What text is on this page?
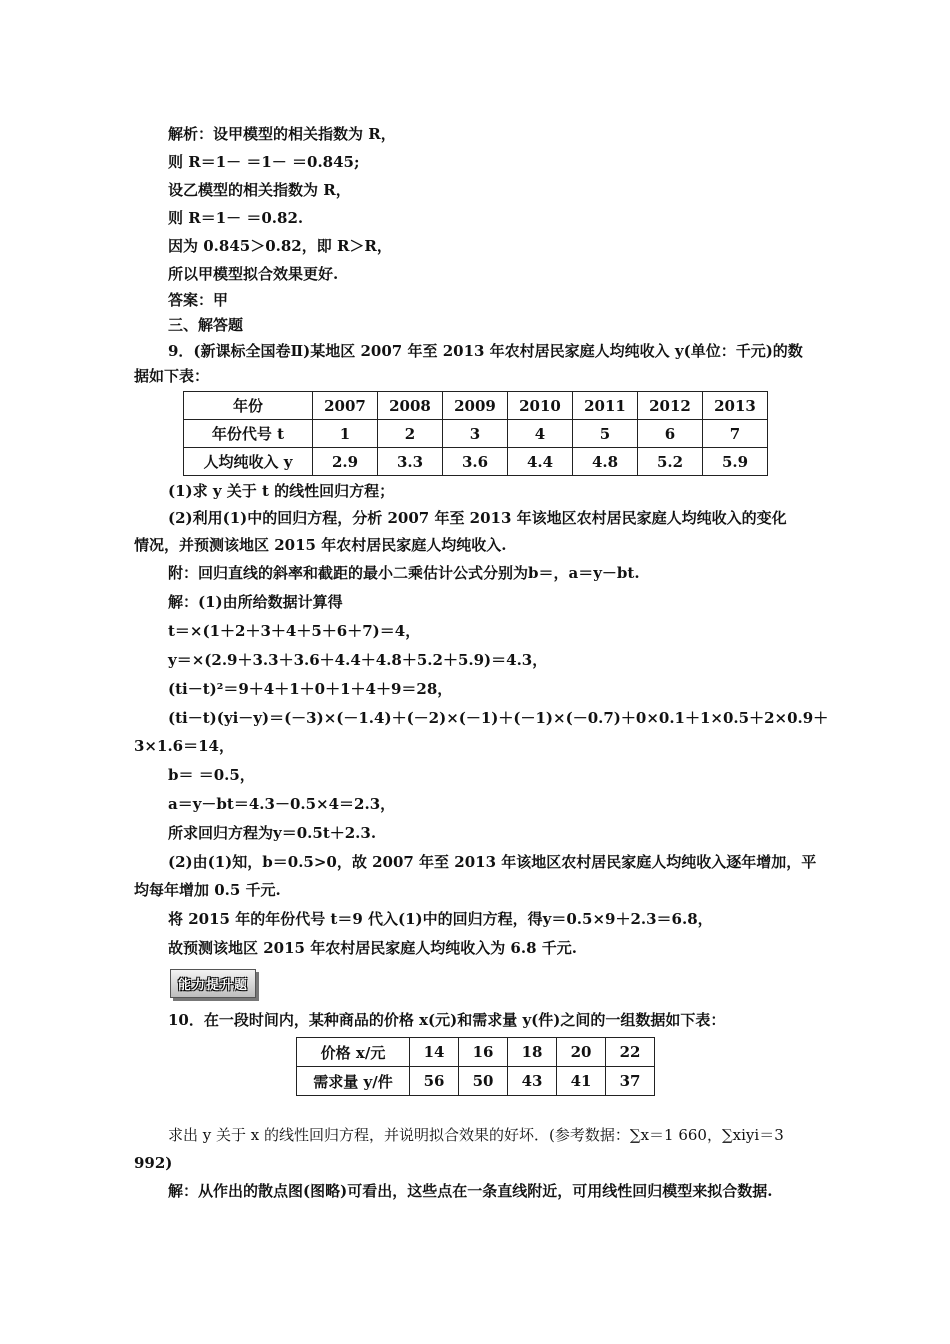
解析：设甲模型的相关指数为 R，
则 R＝1－ ＝1－ ＝0.845;
设乙模型的相关指数为 R，
则 R＝1－ ＝0.82.
因为 0.845＞0.82，即 R＞R，
所以甲模型拟合效果更好.
答案：甲
三、解答题
9．(新课标全国卷Ⅱ)某地区 2007 年至 2013 年农村居民家庭人均纯收入 y(单位：千元)的数
据如下表：
年份	2007	2008	2009	2010	2011	2012	2013
年份代号 t	1	2	3	4	5	6	7
人均纯收入 y	2.9	3.3	3.6	4.4	4.8	5.2	5.9
(1)求 y 关于 t 的线性回归方程；
(2)利用(1)中的回归方程，分析 2007 年至 2013 年该地区农村居民家庭人均纯收入的变化
情况，并预测该地区 2015 年农村居民家庭人均纯收入.
附：回归直线的斜率和截距的最小二乘估计公式分别为b＝，a＝y－bt.
解：(1)由所给数据计算得
t＝×(1＋2＋3＋4＋5＋6＋7)＝4，
y＝×(2.9＋3.3＋3.6＋4.4＋4.8＋5.2＋5.9)＝4.3，
(ti－t)²＝9＋4＋1＋0＋1＋4＋9＝28，
(ti－t)(yi－y)＝(－3)×(－1.4)＋(－2)×(－1)＋(－1)×(－0.7)＋0×0.1＋1×0.5＋2×0.9＋
3×1.6＝14，
b＝ ＝0.5，
a＝y－bt＝4.3－0.5×4＝2.3，
所求回归方程为y＝0.5t＋2.3.
(2)由(1)知，b＝0.5>0，故 2007 年至 2013 年该地区农村居民家庭人均纯收入逐年增加，平
均每年增加 0.5 千元.
将 2015 年的年份代号 t＝9 代入(1)中的回归方程，得y＝0.5×9＋2.3＝6.8，
故预测该地区 2015 年农村居民家庭人均纯收入为 6.8 千元.
能力提升题
10．在一段时间内，某种商品的价格 x(元)和需求量 y(件)之间的一组数据如下表：
价格 x/元	14	16	18	20	22
需求量 y/件	56	50	43	41	37
求出 y 关于 x 的线性回归方程，并说明拟合效果的好坏．(参考数据：∑x＝1 660，∑xiyi＝3
992)
解：从作出的散点图(图略)可看出，这些点在一条直线附近，可用线性回归模型来拟合数据.
